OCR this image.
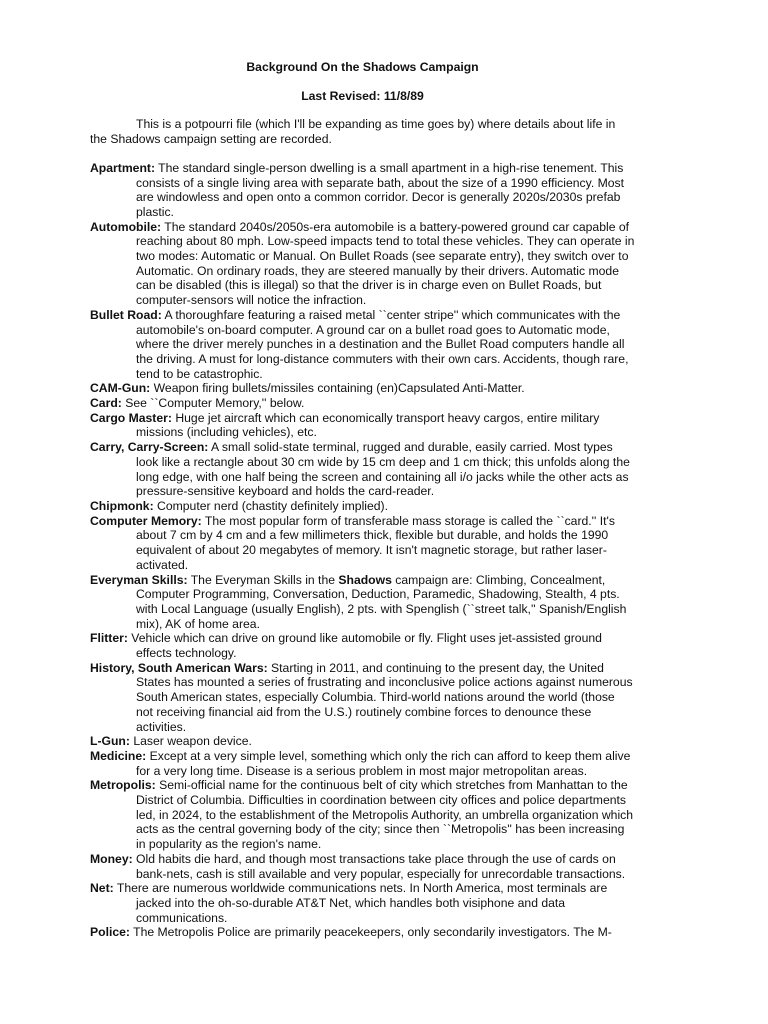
Background On the Shadows Campaign
Last Revised: 11/8/89
This is a potpourri file (which I'll be expanding as time goes by) where details about life in the Shadows campaign setting are recorded.
Apartment: The standard single-person dwelling is a small apartment in a high-rise tenement. This consists of a single living area with separate bath, about the size of a 1990 efficiency. Most are windowless and open onto a common corridor. Decor is generally 2020s/2030s prefab plastic.
Automobile: The standard 2040s/2050s-era automobile is a battery-powered ground car capable of reaching about 80 mph. Low-speed impacts tend to total these vehicles. They can operate in two modes: Automatic or Manual. On Bullet Roads (see separate entry), they switch over to Automatic. On ordinary roads, they are steered manually by their drivers. Automatic mode can be disabled (this is illegal) so that the driver is in charge even on Bullet Roads, but computer-sensors will notice the infraction.
Bullet Road: A thoroughfare featuring a raised metal ``center stripe'' which communicates with the automobile's on-board computer. A ground car on a bullet road goes to Automatic mode, where the driver merely punches in a destination and the Bullet Road computers handle all the driving. A must for long-distance commuters with their own cars. Accidents, though rare, tend to be catastrophic.
CAM-Gun: Weapon firing bullets/missiles containing (en)Capsulated Anti-Matter.
Card: See ``Computer Memory,'' below.
Cargo Master: Huge jet aircraft which can economically transport heavy cargos, entire military missions (including vehicles), etc.
Carry, Carry-Screen: A small solid-state terminal, rugged and durable, easily carried. Most types look like a rectangle about 30 cm wide by 15 cm deep and 1 cm thick; this unfolds along the long edge, with one half being the screen and containing all i/o jacks while the other acts as pressure-sensitive keyboard and holds the card-reader.
Chipmonk: Computer nerd (chastity definitely implied).
Computer Memory: The most popular form of transferable mass storage is called the ``card.'' It's about 7 cm by 4 cm and a few millimeters thick, flexible but durable, and holds the 1990 equivalent of about 20 megabytes of memory. It isn't magnetic storage, but rather laser-activated.
Everyman Skills: The Everyman Skills in the Shadows campaign are: Climbing, Concealment, Computer Programming, Conversation, Deduction, Paramedic, Shadowing, Stealth, 4 pts. with Local Language (usually English), 2 pts. with Spenglish (``street talk,'' Spanish/English mix), AK of home area.
Flitter: Vehicle which can drive on ground like automobile or fly. Flight uses jet-assisted ground effects technology.
History, South American Wars: Starting in 2011, and continuing to the present day, the United States has mounted a series of frustrating and inconclusive police actions against numerous South American states, especially Columbia. Third-world nations around the world (those not receiving financial aid from the U.S.) routinely combine forces to denounce these activities.
L-Gun: Laser weapon device.
Medicine: Except at a very simple level, something which only the rich can afford to keep them alive for a very long time. Disease is a serious problem in most major metropolitan areas.
Metropolis: Semi-official name for the continuous belt of city which stretches from Manhattan to the District of Columbia. Difficulties in coordination between city offices and police departments led, in 2024, to the establishment of the Metropolis Authority, an umbrella organization which acts as the central governing body of the city; since then ``Metropolis'' has been increasing in popularity as the region's name.
Money: Old habits die hard, and though most transactions take place through the use of cards on bank-nets, cash is still available and very popular, especially for unrecordable transactions.
Net: There are numerous worldwide communications nets. In North America, most terminals are jacked into the oh-so-durable AT&T Net, which handles both visiphone and data communications.
Police: The Metropolis Police are primarily peacekeepers, only secondarily investigators. The M-
